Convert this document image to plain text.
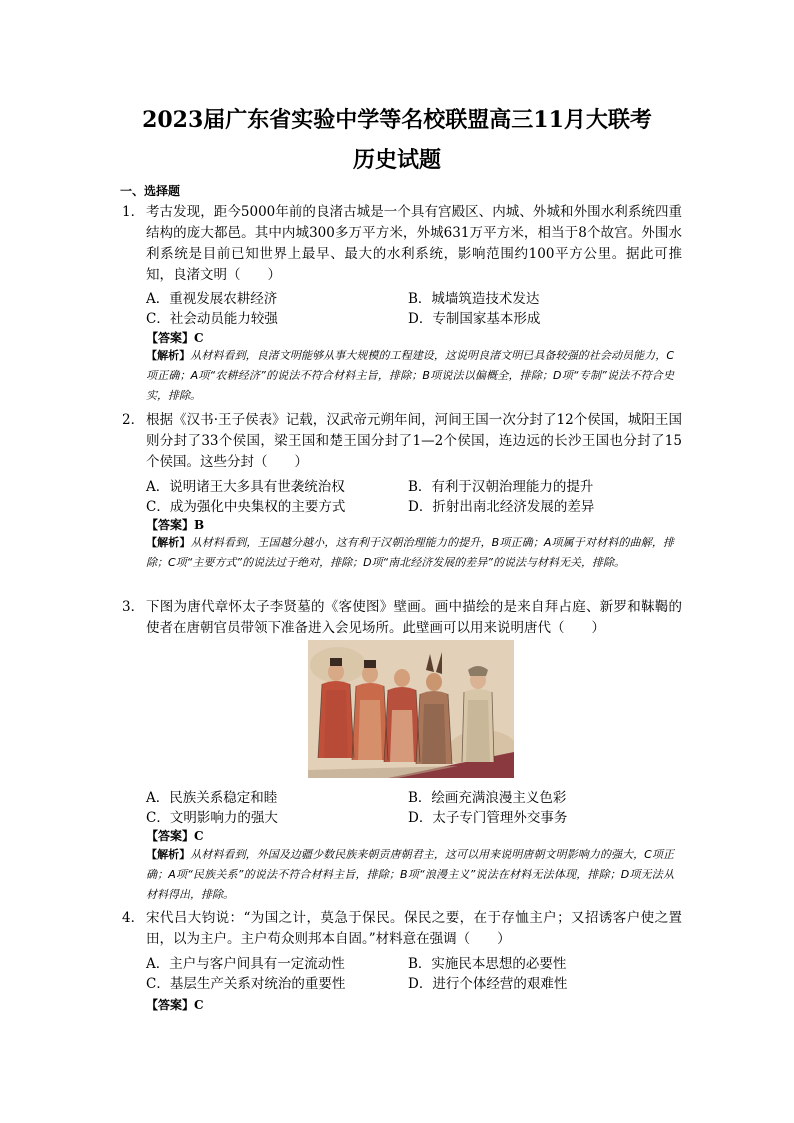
2023届广东省实验中学等名校联盟高三11月大联考
历史试题
一、选择题
1． 考古发现，距今5000年前的良渚古城是一个具有宫殿区、内城、外城和外围水利系统四重结构的庞大都邑。其中内城300多万平方米，外城631万平方米，相当于8个故宫。外围水利系统是目前已知世界上最早、最大的水利系统，影响范围约100平方公里。据此可推知，良渚文明（　　）
A．重视发展农耕经济	B．城墙筑造技术发达
C．社会动员能力较强	D．专制国家基本形成
【答案】C
【解析】从材料看到，良渚文明能够从事大规模的工程建设，这说明良渚文明已具备较强的社会动员能力，C项正确；A项“农耕经济”的说法不符合材料主旨，排除；B项说法以偏概全，排除；D项“专制”说法不符合史实，排除。
2． 根据《汉书·王子侯表》记载，汉武帝元朔年间，河间王国一次分封了12个侯国，城阳王国则分封了33个侯国，梁王国和楚王国分封了1—2个侯国，连边远的长沙王国也分封了15个侯国。这些分封（　　）
A．说明诸王大多具有世袭统治权	B．有利于汉朝治理能力的提升
C．成为强化中央集权的主要方式	D．折射出南北经济发展的差异
【答案】B
【解析】从材料看到，王国越分越小，这有利于汉朝治理能力的提升，B项正确；A项属于对材料的曲解，排除；C项“主要方式”的说法过于绝对，排除；D项“南北经济发展的差异”的说法与材料无关，排除。
3． 下图为唐代章怀太子李贤墓的《客使图》壁画。画中描绘的是来自拜占庭、新罗和靺鞨的使者在唐朝官员带领下准备进入会见场所。此壁画可以用来说明唐代（　　）
A．民族关系稳定和睦	B．绘画充满浪漫主义色彩
C．文明影响力的强大	D．太子专门管理外交事务
【答案】C
【解析】从材料看到，外国及边疆少数民族来朝贡唐朝君主，这可以用来说明唐朝文明影响力的强大，C项正确；A项“民族关系”的说法不符合材料主旨，排除；B项“浪漫主义”说法在材料无法体现，排除；D项无法从材料得出，排除。
4． 宋代吕大钧说：“为国之计，莫急于保民。保民之要，在于存恤主户；又招诱客户使之置田，以为主户。主户苟众则邦本自固。”材料意在强调（　　）
A．主户与客户间具有一定流动性	B．实施民本思想的必要性
C．基层生产关系对统治的重要性	D．进行个体经营的艰难性
【答案】C
